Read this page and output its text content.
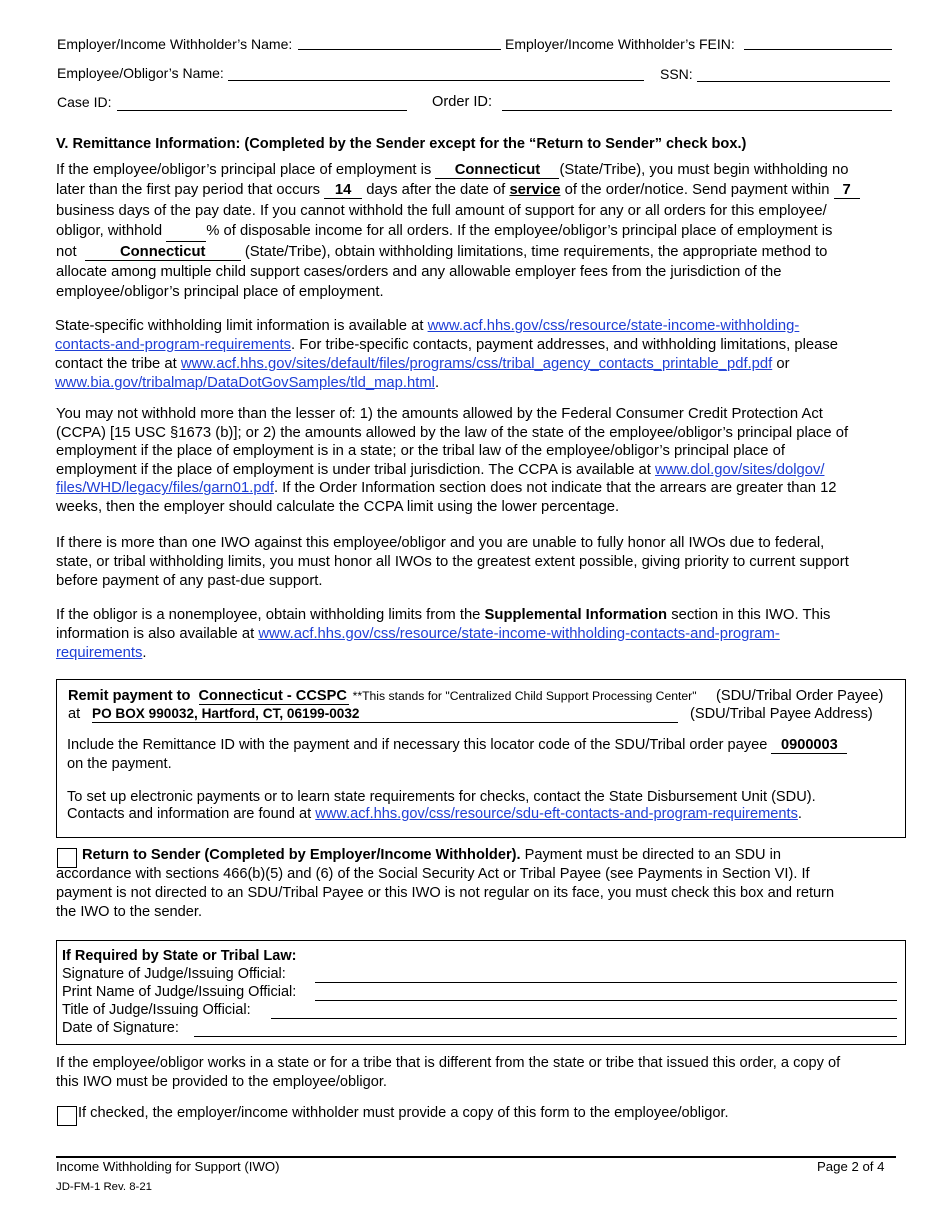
Employer/Income Withholder’s Name:	Employer/Income Withholder’s FEIN:
Employee/Obligor’s Name:	SSN:
Case ID:	Order ID:
V. Remittance Information: (Completed by the Sender except for the “Return to Sender” check box.)
If the employee/obligor’s principal place of employment is Connecticut (State/Tribe), you must begin withholding no
later than the first pay period that occurs 14 days after the date of service of the order/notice. Send payment within 7
business days of the pay date. If you cannot withhold the full amount of support for any or all orders for this employee/
obligor, withhold	% of disposable income for all orders. If the employee/obligor’s principal place of employment is
not	Connecticut	(State/Tribe), obtain withholding limitations, time requirements, the appropriate method to
allocate among multiple child support cases/orders and any allowable employer fees from the jurisdiction of the
employee/obligor’s principal place of employment.
State-specific withholding limit information is available at www.acf.hhs.gov/css/resource/state-income-withholding-
contacts-and-program-requirements. For tribe-specific contacts, payment addresses, and withholding limitations, please
contact the tribe at www.acf.hhs.gov/sites/default/files/programs/css/tribal_agency_contacts_printable_pdf.pdf or
www.bia.gov/tribalmap/DataDotGovSamples/tld_map.html.
You may not withhold more than the lesser of: 1) the amounts allowed by the Federal Consumer Credit Protection Act
(CCPA) [15 USC §1673 (b)]; or 2) the amounts allowed by the law of the state of the employee/obligor’s principal place of
employment if the place of employment is in a state; or the tribal law of the employee/obligor’s principal place of
employment if the place of employment is under tribal jurisdiction. The CCPA is available at www.dol.gov/sites/dolgov/
files/WHD/legacy/files/garn01.pdf. If the Order Information section does not indicate that the arrears are greater than 12
weeks, then the employer should calculate the CCPA limit using the lower percentage.
If there is more than one IWO against this employee/obligor and you are unable to fully honor all IWOs due to federal,
state, or tribal withholding limits, you must honor all IWOs to the greatest extent possible, giving priority to current support
before payment of any past-due support.
If the obligor is a nonemployee, obtain withholding limits from the Supplemental Information section in this IWO. This
information is also available at www.acf.hhs.gov/css/resource/state-income-withholding-contacts-and-program-
requirements.
Remit payment to Connecticut - CCSPC **This stands for "Centralized Child Support Processing Center" (SDU/Tribal Order Payee)
at PO BOX 990032, Hartford, CT, 06199-0032	(SDU/Tribal Payee Address)
Include the Remittance ID with the payment and if necessary this locator code of the SDU/Tribal order payee 0900003
on the payment.
To set up electronic payments or to learn state requirements for checks, contact the State Disbursement Unit (SDU).
Contacts and information are found at www.acf.hhs.gov/css/resource/sdu-eft-contacts-and-program-requirements.
Return to Sender (Completed by Employer/Income Withholder). Payment must be directed to an SDU in
accordance with sections 466(b)(5) and (6) of the Social Security Act or Tribal Payee (see Payments in Section VI). If
payment is not directed to an SDU/Tribal Payee or this IWO is not regular on its face, you must check this box and return
the IWO to the sender.
If Required by State or Tribal Law:
Signature of Judge/Issuing Official:
Print Name of Judge/Issuing Official:
Title of Judge/Issuing Official:
Date of Signature:
If the employee/obligor works in a state or for a tribe that is different from the state or tribe that issued this order, a copy of
this IWO must be provided to the employee/obligor.
If checked, the employer/income withholder must provide a copy of this form to the employee/obligor.
Income Withholding for Support (IWO)	Page 2 of 4
JD-FM-1 Rev. 8-21
